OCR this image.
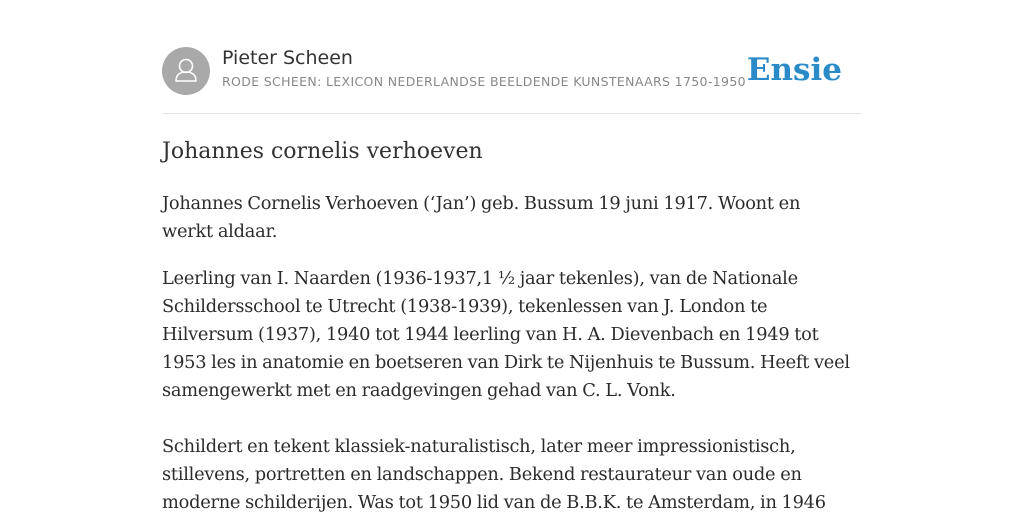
Pieter Scheen
RODE SCHEEN: LEXICON NEDERLANDSE BEELDENDE KUNSTENAARS 1750-1950 Ensie
Johannes cornelis verhoeven

Johannes Cornelis Verhoeven (‘Jan’) geb. Bussum 19 juni 1917. Woont en werkt aldaar.

Leerling van I. Naarden (1936-1937,1 ½ jaar tekenles), van de Nationale Schildersschool te Utrecht (1938-1939), tekenlessen van J. London te Hilversum (1937), 1940 tot 1944 leerling van H. A. Dievenbach en 1949 tot 1953 les in anatomie en boetseren van Dirk te Nijenhuis te Bussum. Heeft veel samengewerkt met en raadgevingen gehad van C. L. Vonk.

Schildert en tekent klassiek-naturalistisch, later meer impressionistisch, stillevens, portretten en landschappen. Bekend restaurateur van oude en moderne schilderijen. Was tot 1950 lid van de B.B.K. te Amsterdam, in 1946
